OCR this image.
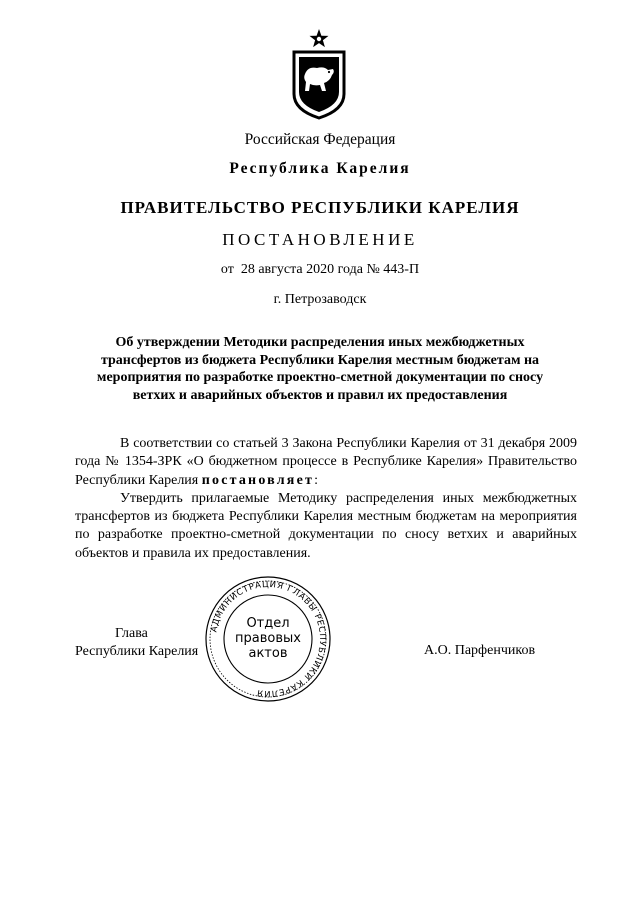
Российская Федерация
Республика Карелия
ПРАВИТЕЛЬСТВО РЕСПУБЛИКИ КАРЕЛИЯ
ПОСТАНОВЛЕНИЕ
от  28 августа 2020 года № 443-П
г. Петрозаводск
Об утверждении Методики распределения иных межбюджетных трансфертов из бюджета Республики Карелия местным бюджетам на мероприятия по разработке проектно-сметной документации по сносу ветхих и аварийных объектов и правил их предоставления

В соответствии со статьей 3 Закона Республики Карелия от 31 декабря 2009 года № 1354-ЗРК «О бюджетном процессе в Республике Карелия» Правительство Республики Карелия постановляет:

Утвердить прилагаемые Методику распределения иных межбюджетных трансфертов из бюджета Республики Карелия местным бюджетам на мероприятия по разработке проектно-сметной документации по сносу ветхих и аварийных объектов и правила их предоставления.

Глава
Республики Карелия	А.О. Парфенчиков
АДМИНИСТРАЦИЯ ГЛАВЫ РЕСПУБЛИКИ КАРЕЛИЯ
Отдел
правовых
актов
